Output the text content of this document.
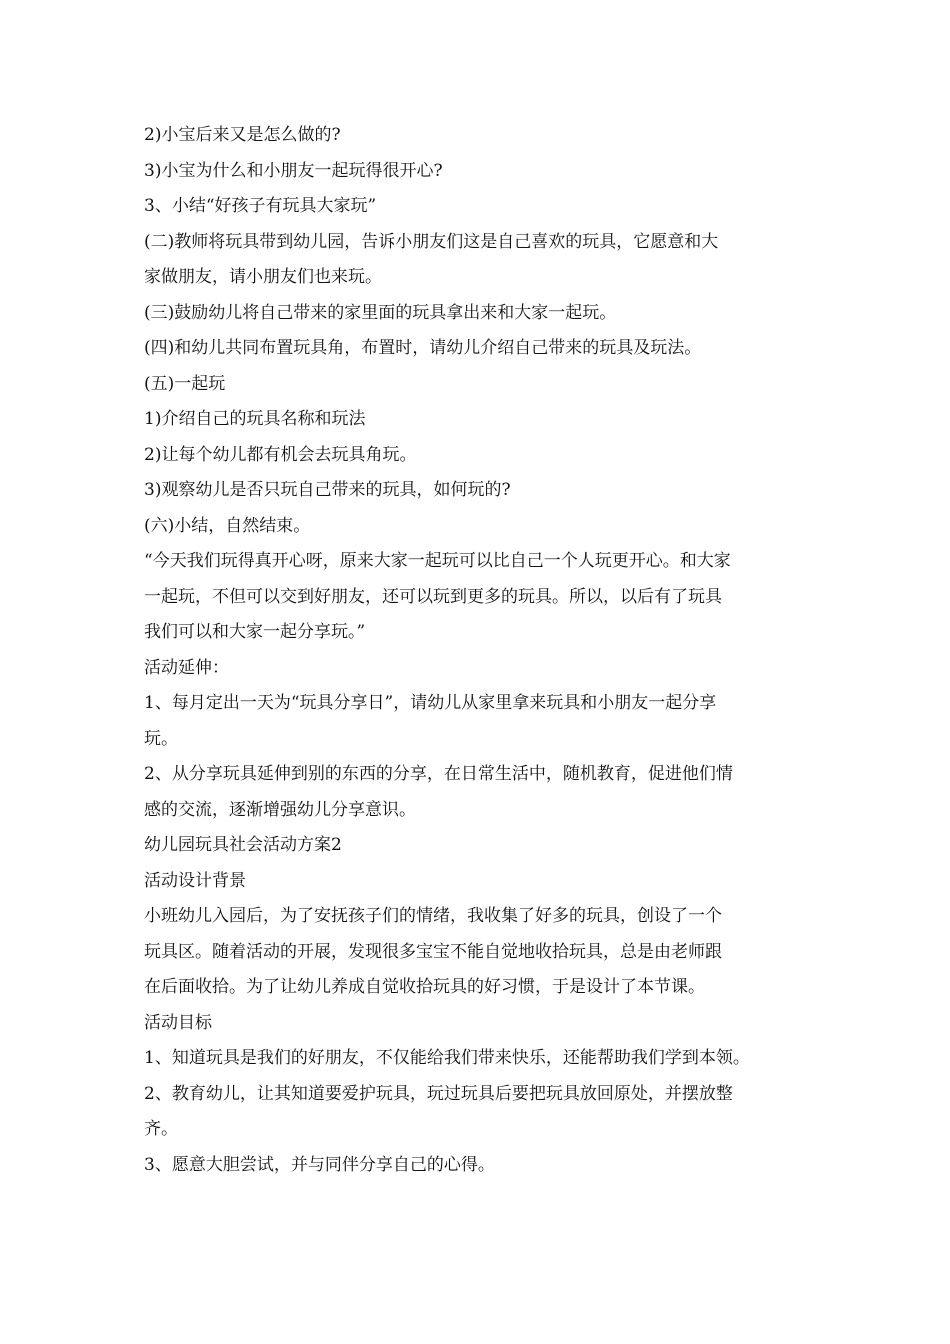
2)小宝后来又是怎么做的?

3)小宝为什么和小朋友一起玩得很开心?

3、小结“好孩子有玩具大家玩”

(二)教师将玩具带到幼儿园，告诉小朋友们这是自己喜欢的玩具，它愿意和大

家做朋友，请小朋友们也来玩。

(三)鼓励幼儿将自己带来的家里面的玩具拿出来和大家一起玩。

(四)和幼儿共同布置玩具角，布置时，请幼儿介绍自己带来的玩具及玩法。

(五)一起玩

1)介绍自己的玩具名称和玩法

2)让每个幼儿都有机会去玩具角玩。

3)观察幼儿是否只玩自己带来的玩具，如何玩的?

(六)小结，自然结束。

“今天我们玩得真开心呀，原来大家一起玩可以比自己一个人玩更开心。和大家

一起玩，不但可以交到好朋友，还可以玩到更多的玩具。所以，以后有了玩具

我们可以和大家一起分享玩。”

活动延伸：

1、每月定出一天为“玩具分享日”，请幼儿从家里拿来玩具和小朋友一起分享

玩。

2、从分享玩具延伸到别的东西的分享，在日常生活中，随机教育，促进他们情

感的交流，逐渐增强幼儿分享意识。

幼儿园玩具社会活动方案2

活动设计背景

小班幼儿入园后，为了安抚孩子们的情绪，我收集了好多的玩具，创设了一个

玩具区。随着活动的开展，发现很多宝宝不能自觉地收拾玩具，总是由老师跟

在后面收拾。为了让幼儿养成自觉收拾玩具的好习惯，于是设计了本节课。

活动目标

1、知道玩具是我们的好朋友，不仅能给我们带来快乐，还能帮助我们学到本领。

2、教育幼儿，让其知道要爱护玩具，玩过玩具后要把玩具放回原处，并摆放整

齐。

3、愿意大胆尝试，并与同伴分享自己的心得。
